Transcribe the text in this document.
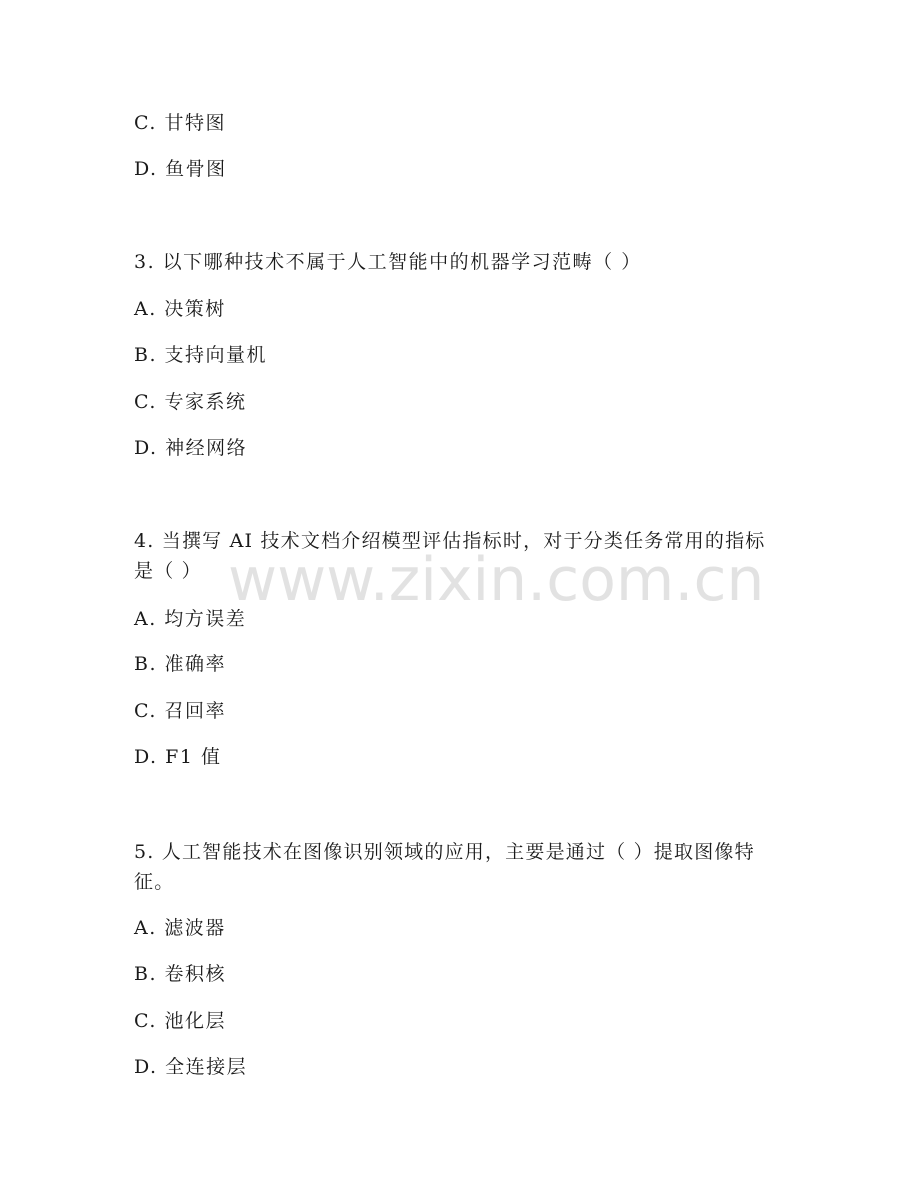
C. 甘特图
D. 鱼骨图
3. 以下哪种技术不属于人工智能中的机器学习范畴（ ）
A. 决策树
B. 支持向量机
C. 专家系统
D. 神经网络
4. 当撰写 AI 技术文档介绍模型评估指标时，对于分类任务常用的指标是（ ）
A. 均方误差
B. 准确率
C. 召回率
D. F1 值
5. 人工智能技术在图像识别领域的应用，主要是通过（ ）提取图像特征。
A. 滤波器
B. 卷积核
C. 池化层
D. 全连接层
www.zixin.com.cn
